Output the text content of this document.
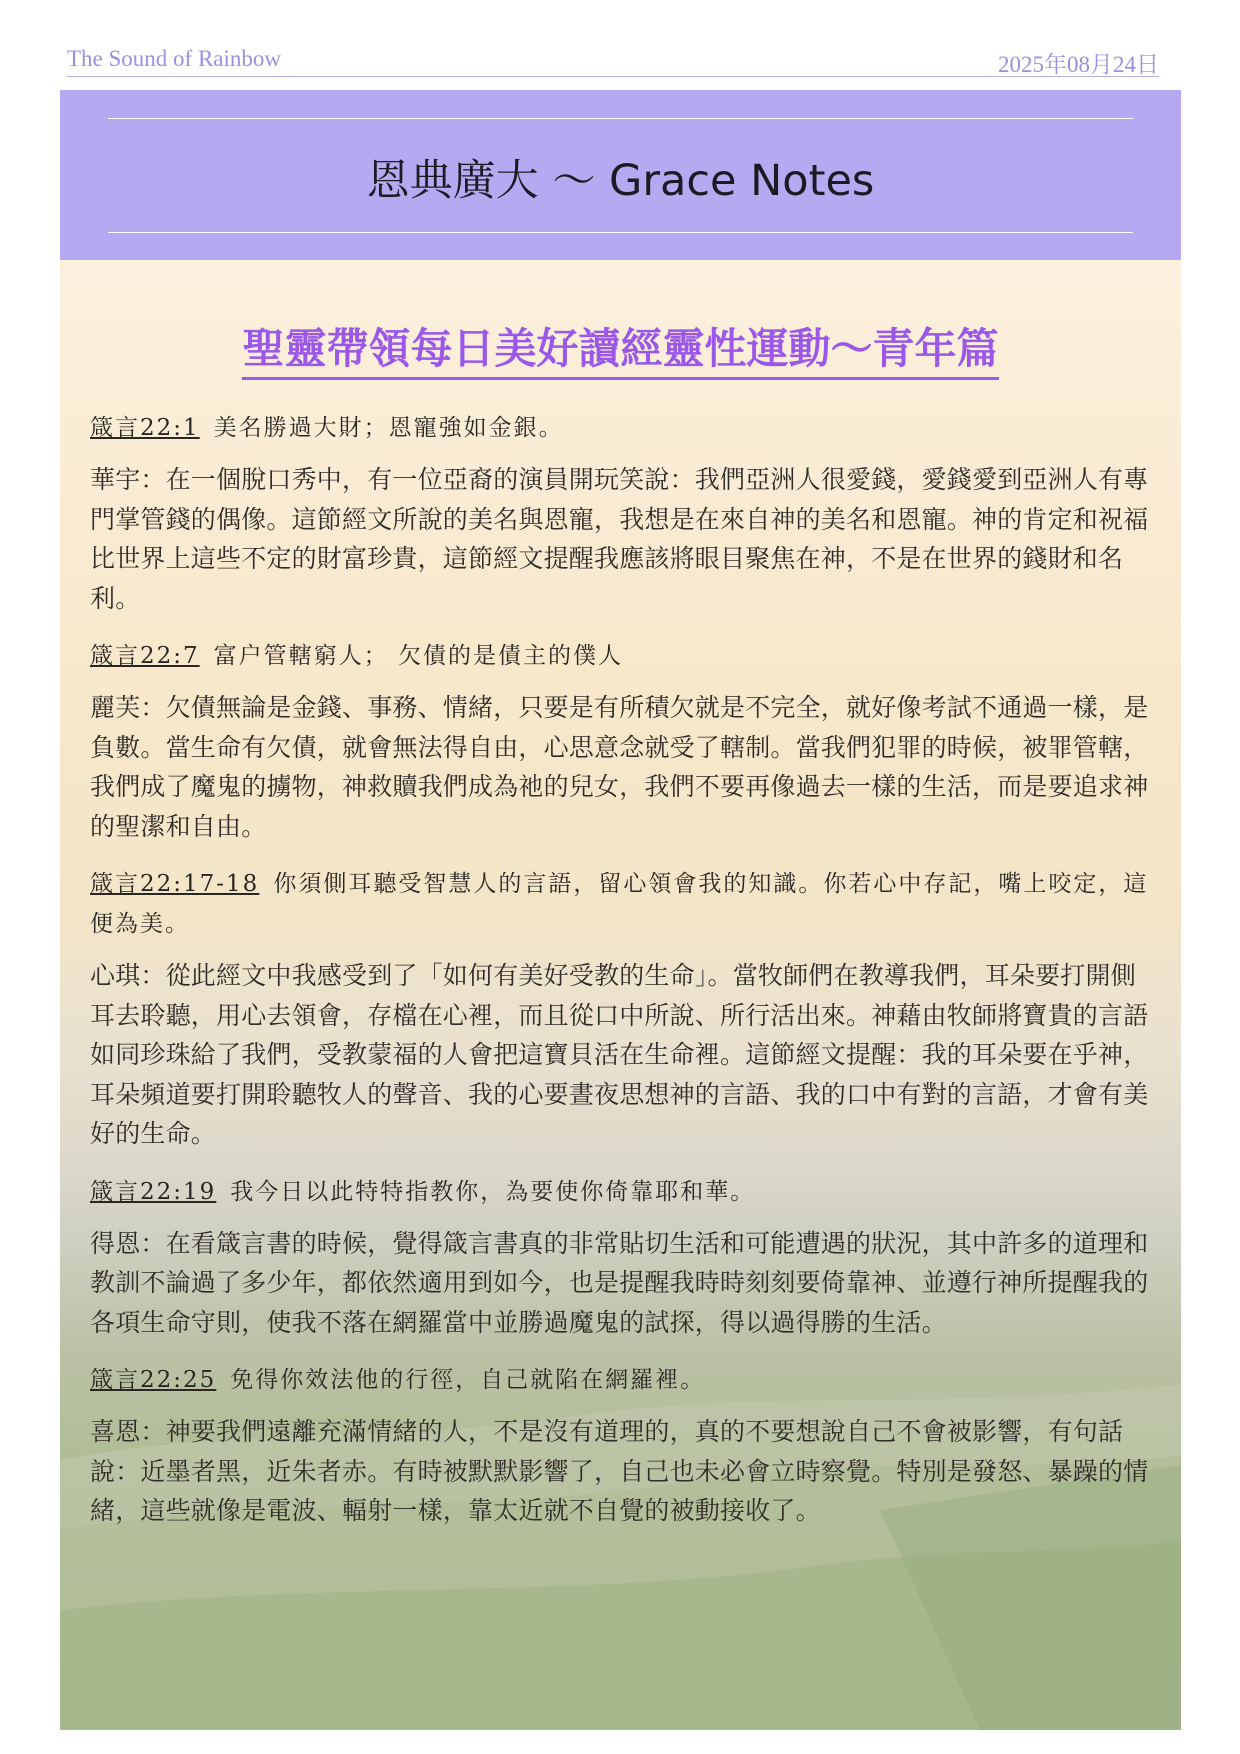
The Sound of Rainbow	2025年08月24日
恩典廣大 ～ Grace Notes
聖靈帶領每日美好讀經靈性運動～青年篇

箴言22:1 美名勝過大財；恩寵強如金銀。

華宇：在一個脫口秀中，有一位亞裔的演員開玩笑說：我們亞洲人很愛錢，愛錢愛到亞洲人有專門掌管錢的偶像。這節經文所說的美名與恩寵，我想是在來自神的美名和恩寵。神的肯定和祝福比世界上這些不定的財富珍貴，這節經文提醒我應該將眼目聚焦在神，不是在世界的錢財和名利。

箴言22:7 富户管轄窮人； 欠債的是債主的僕人

麗芙：欠債無論是金錢、事務、情緒，只要是有所積欠就是不完全，就好像考試不通過一樣，是負數。當生命有欠債，就會無法得自由，心思意念就受了轄制。當我們犯罪的時候，被罪管轄，我們成了魔鬼的擄物，神救贖我們成為祂的兒女，我們不要再像過去一樣的生活，而是要追求神的聖潔和自由。

箴言22:17-18 你須側耳聽受智慧人的言語，留心領會我的知識。你若心中存記，嘴上咬定，這便為美。

心琪：從此經文中我感受到了「如何有美好受教的生命」。當牧師們在教導我們，耳朵要打開側耳去聆聽，用心去領會，存檔在心裡，而且從口中所說、所行活出來。神藉由牧師將寶貴的言語如同珍珠給了我們，受教蒙福的人會把這寶貝活在生命裡。這節經文提醒：我的耳朵要在乎神，耳朵頻道要打開聆聽牧人的聲音、我的心要晝夜思想神的言語、我的口中有對的言語，才會有美好的生命。

箴言22:19 我今日以此特特指教你，為要使你倚靠耶和華。

得恩：在看箴言書的時候，覺得箴言書真的非常貼切生活和可能遭遇的狀況，其中許多的道理和教訓不論過了多少年，都依然適用到如今，也是提醒我時時刻刻要倚靠神、並遵行神所提醒我的各項生命守則，使我不落在網羅當中並勝過魔鬼的試探，得以過得勝的生活。

箴言22:25 免得你效法他的行徑，自己就陷在網羅裡。

喜恩：神要我們遠離充滿情緒的人，不是沒有道理的，真的不要想說自己不會被影響，有句話說：近墨者黑，近朱者赤。有時被默默影響了，自己也未必會立時察覺。特別是發怒、暴躁的情緒，這些就像是電波、輻射一樣，靠太近就不自覺的被動接收了。
